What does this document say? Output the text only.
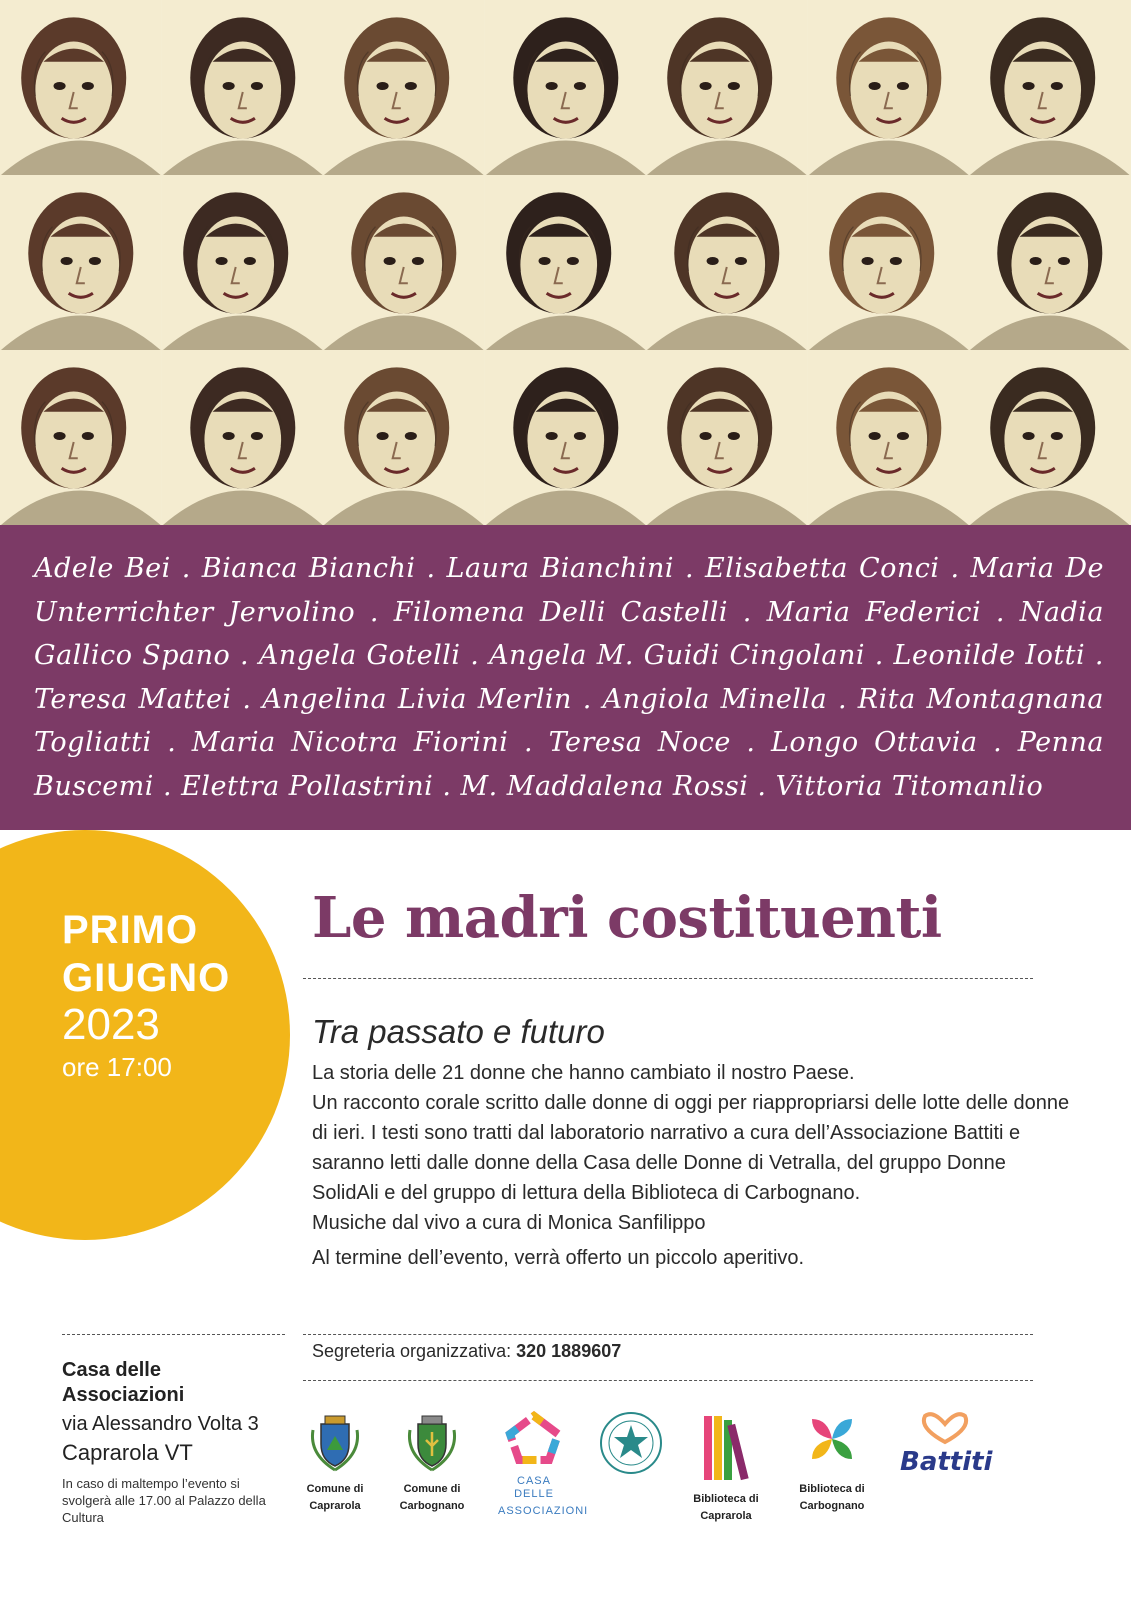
Adele Bei . Bianca Bianchi . Laura Bianchini . Elisabetta Conci . Maria De Unterrichter Jervolino . Filomena Delli Castelli . Maria Federici . Nadia Gallico Spano . Angela Gotelli . Angela M. Guidi Cingolani . Leonilde Iotti . Teresa Mattei . Angelina Livia Merlin . Angiola Minella . Rita Montagnana Togliatti . Maria Nicotra Fiorini . Teresa Noce . Longo Ottavia . Penna Buscemi . Elettra Pollastrini . M. Maddalena Rossi . Vittoria Titomanlio
PRIMO
GIUGNO
2023
ore 17:00
Le madri costituenti
Tra passato e futuro

La storia delle 21 donne che hanno cambiato il nostro Paese.

Un racconto corale scritto dalle donne di oggi per riappropriarsi delle lotte delle donne di ieri. I testi sono tratti dal laboratorio narrativo a cura dell’Associazione Battiti e saranno letti dalle donne della Casa delle Donne di Vetralla, del gruppo Donne SolidAli e del gruppo di lettura della Biblioteca di Carbognano.

Musiche dal vivo a cura di Monica Sanfilippo

Al termine dell’evento, verrà offerto un piccolo aperitivo.

Segreteria organizzativa: 320 1889607
Casa delle
Associazioni
via Alessandro Volta 3
Caprarola VT
In caso di maltempo l’evento si svolgerà alle 17.00 al Palazzo della Cultura
Comune di
Caprarola
Comune di
Carbognano
CASA DELLE
ASSOCIAZIONI
Biblioteca di
Caprarola
Biblioteca di
Carbognano
Battiti
